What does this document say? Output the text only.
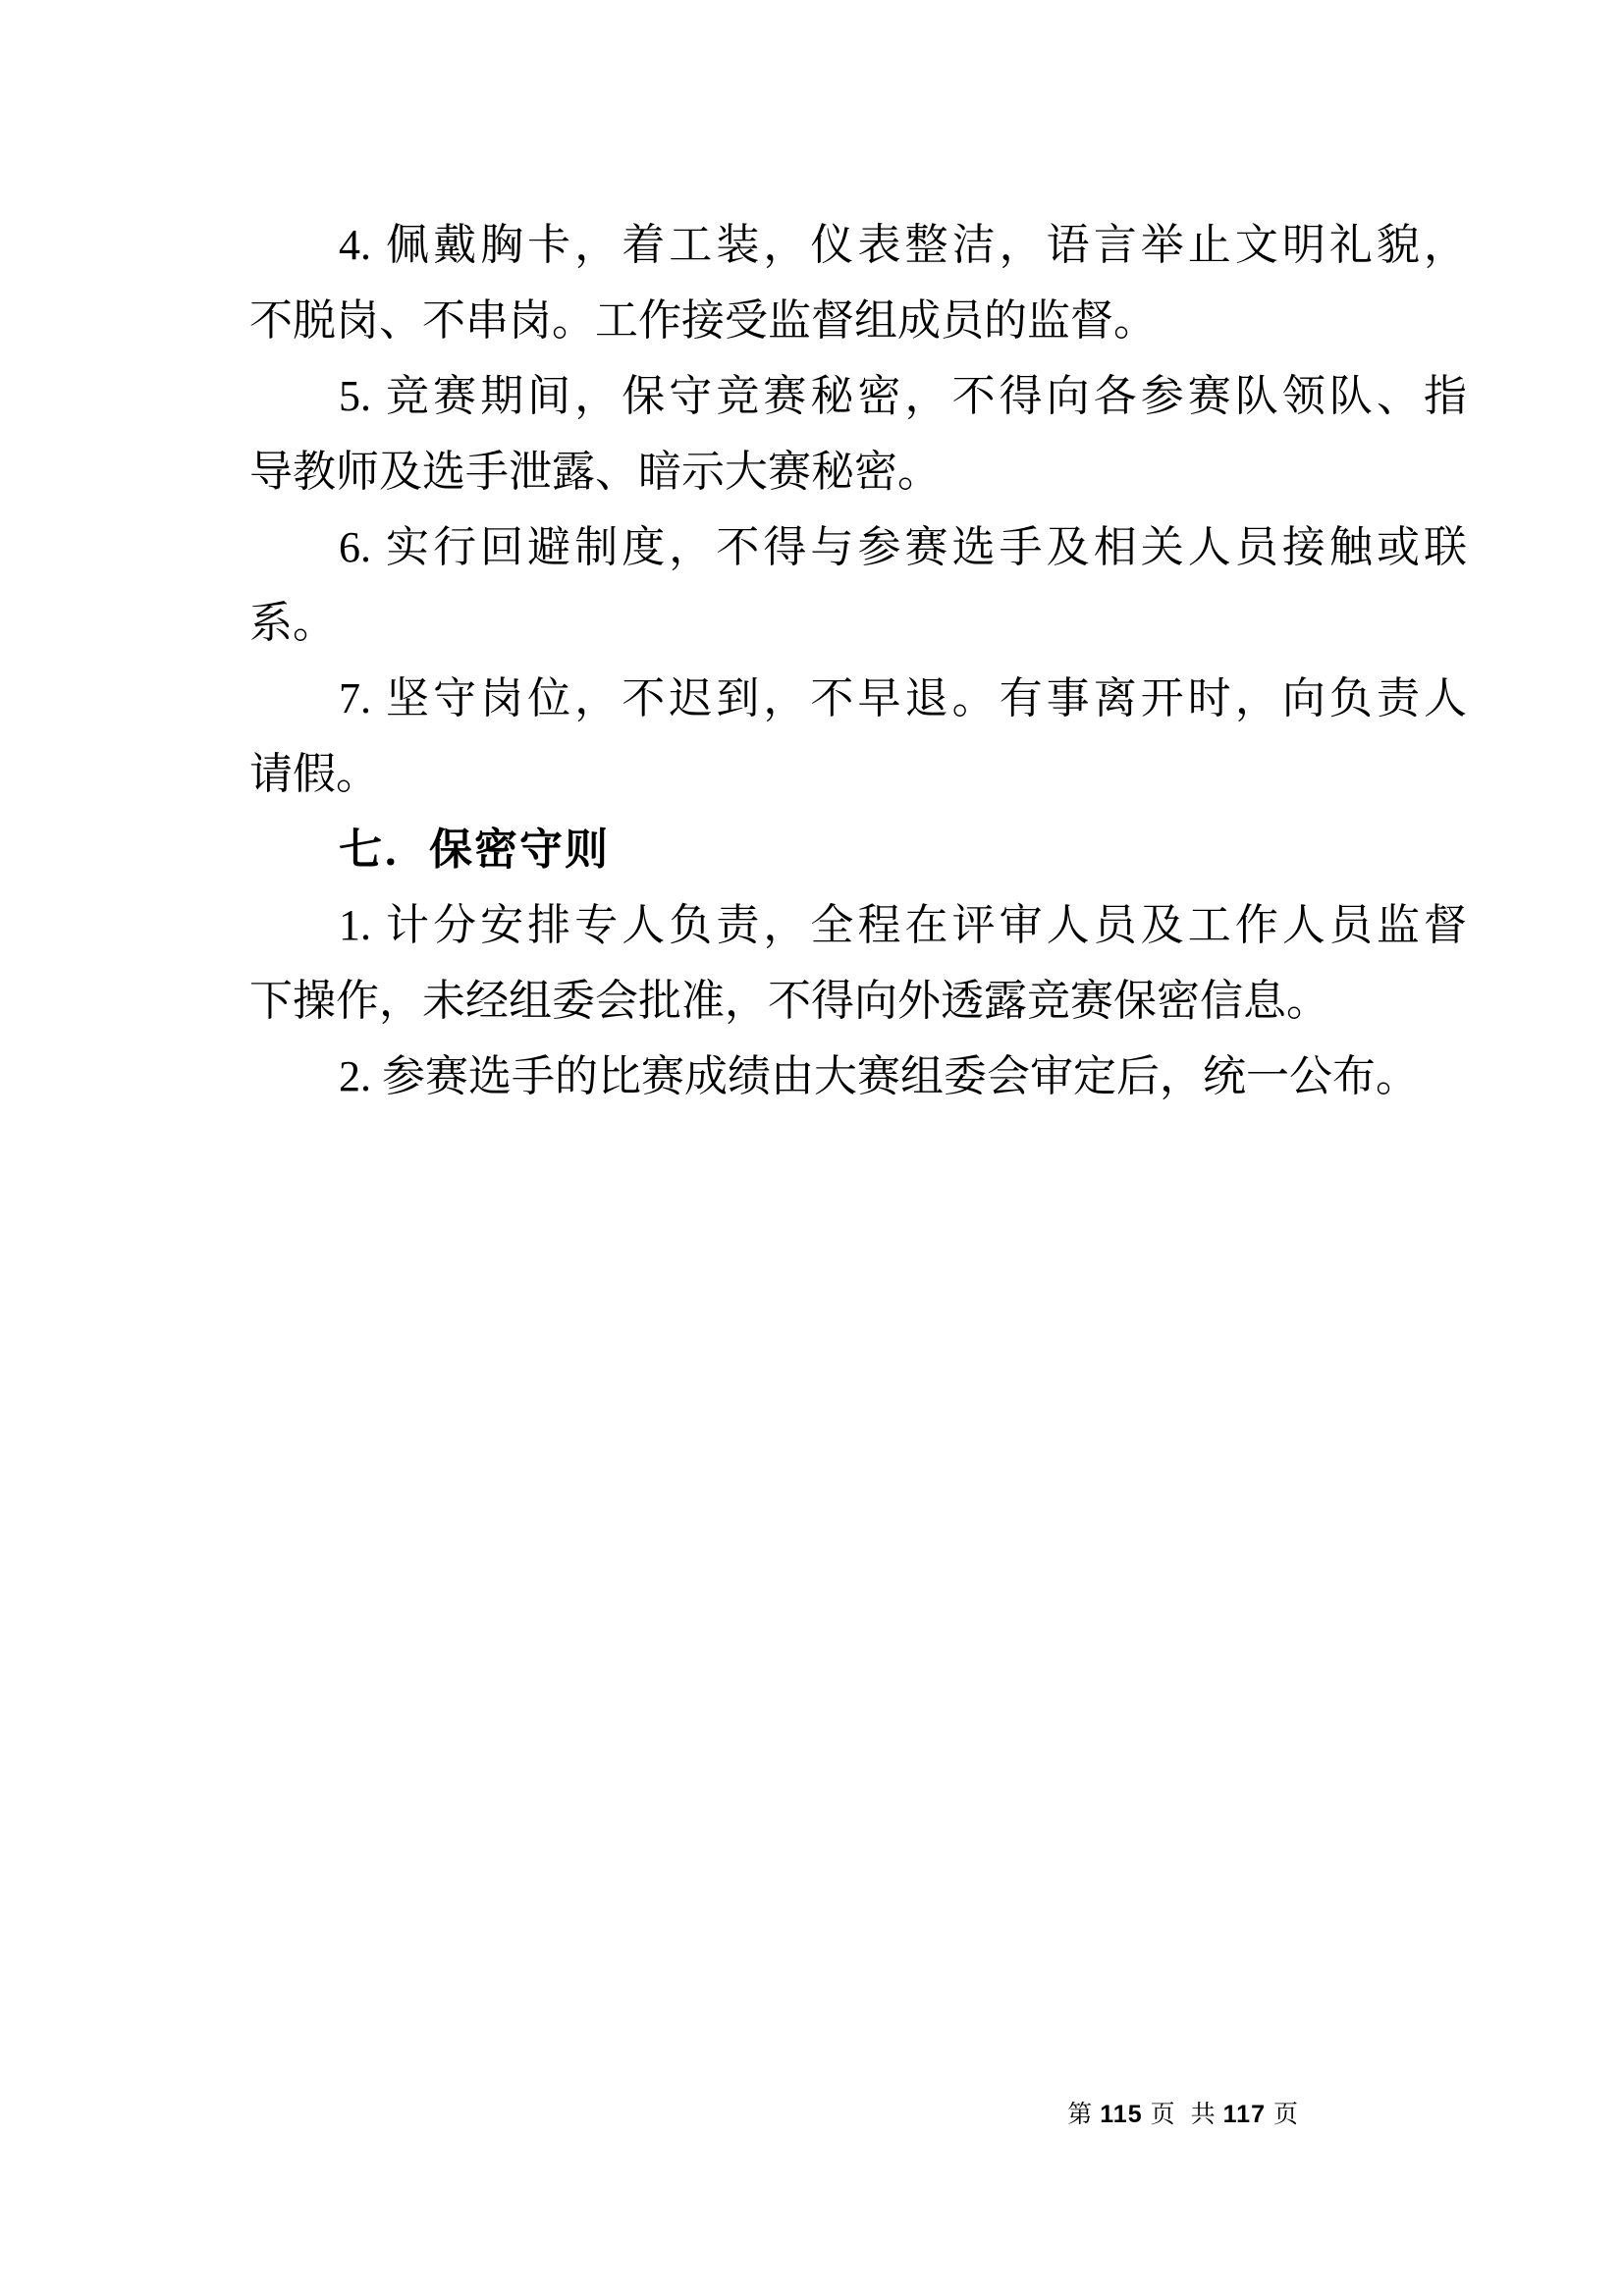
4. 佩戴胸卡，着工装，仪表整洁，语言举止文明礼貌，
不脱岗、不串岗。工作接受监督组成员的监督。
5. 竞赛期间，保守竞赛秘密，不得向各参赛队领队、指
导教师及选手泄露、暗示大赛秘密。
6. 实行回避制度，不得与参赛选手及相关人员接触或联
系。
7. 坚守岗位，不迟到，不早退。有事离开时，向负责人
请假。
七．保密守则
1. 计分安排专人负责，全程在评审人员及工作人员监督
下操作，未经组委会批准，不得向外透露竞赛保密信息。
2. 参赛选手的比赛成绩由大赛组委会审定后，统一公布。
第 115 页 共 117 页
